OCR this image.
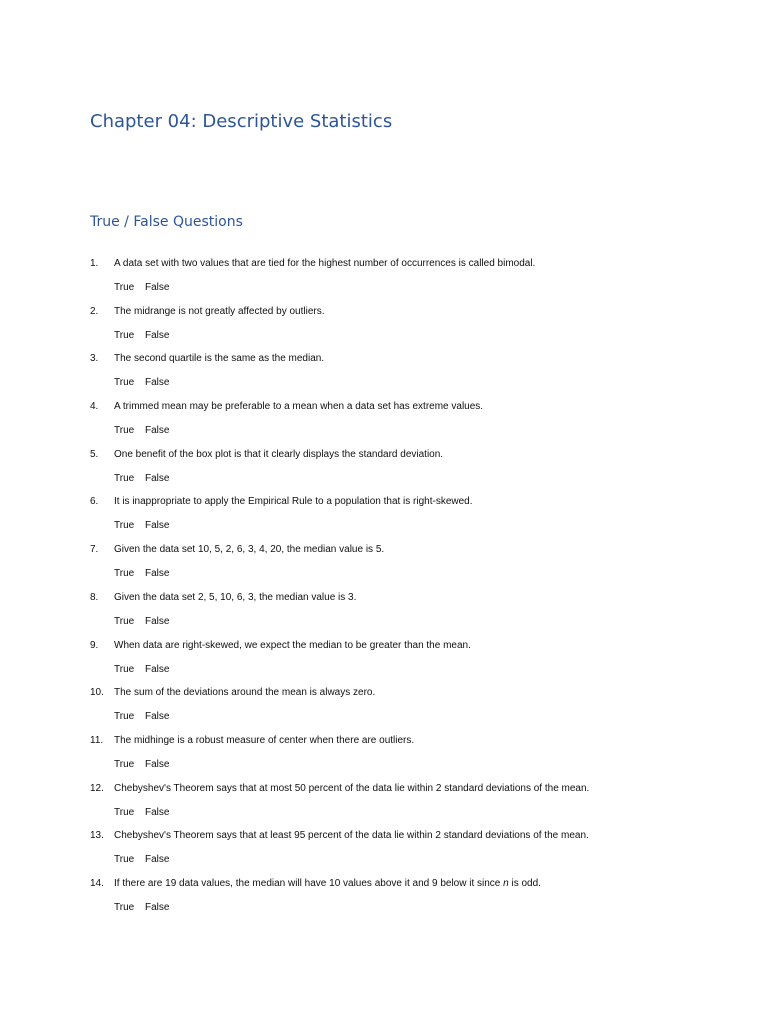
Chapter 04: Descriptive Statistics
True / False Questions
1. A data set with two values that are tied for the highest number of occurrences is called bimodal.
True False
2. The midrange is not greatly affected by outliers.
True False
3. The second quartile is the same as the median.
True False
4. A trimmed mean may be preferable to a mean when a data set has extreme values.
True False
5. One benefit of the box plot is that it clearly displays the standard deviation.
True False
6. It is inappropriate to apply the Empirical Rule to a population that is right-skewed.
True False
7. Given the data set 10, 5, 2, 6, 3, 4, 20, the median value is 5.
True False
8. Given the data set 2, 5, 10, 6, 3, the median value is 3.
True False
9. When data are right-skewed, we expect the median to be greater than the mean.
True False
10. The sum of the deviations around the mean is always zero.
True False
11. The midhinge is a robust measure of center when there are outliers.
True False
12. Chebyshev's Theorem says that at most 50 percent of the data lie within 2 standard deviations of the mean.
True False
13. Chebyshev's Theorem says that at least 95 percent of the data lie within 2 standard deviations of the mean.
True False
14. If there are 19 data values, the median will have 10 values above it and 9 below it since n is odd.
True False
